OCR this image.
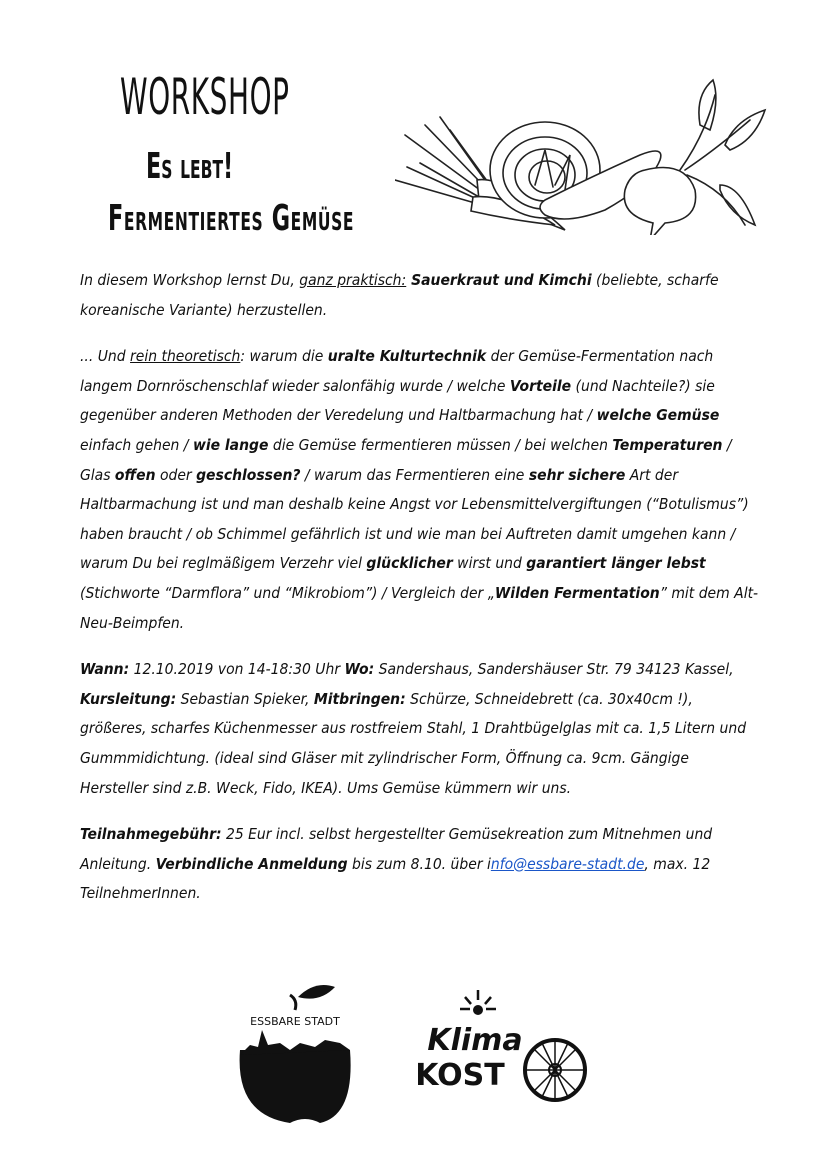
WORKSHOP
Es lebt!
Fermentiertes Gemüse

In diesem Workshop lernst Du, ganz praktisch: Sauerkraut und Kimchi (beliebte, scharfe koreanische Variante) herzustellen.

... Und rein theoretisch: warum die uralte Kulturtechnik der Gemüse-Fermentation nach langem Dornröschenschlaf wieder salonfähig wurde / welche Vorteile (und Nachteile?) sie gegenüber anderen Methoden der Veredelung und Haltbarmachung hat / welche Gemüse einfach gehen / wie lange die Gemüse fermentieren müssen / bei welchen Temperaturen / Glas offen oder geschlossen? / warum das Fermentieren eine sehr sichere Art der Haltbarmachung ist und man deshalb keine Angst vor Lebensmittelvergiftungen (“Botulismus”) haben braucht / ob Schimmel gefährlich ist und wie man bei Auftreten damit umgehen kann / warum Du bei reglmäßigem Verzehr viel glücklicher wirst und garantiert länger lebst (Stichworte “Darmflora” und “Mikrobiom”) / Vergleich der „Wilden Fermentation” mit dem Alt-Neu-Beimpfen.

Wann: 12.10.2019 von 14-18:30 Uhr Wo: Sandershaus, Sandershäuser Str. 79 34123 Kassel, Kursleitung: Sebastian Spieker, Mitbringen: Schürze, Schneidebrett (ca. 30x40cm !), größeres, scharfes Küchenmesser aus rostfreiem Stahl, 1 Drahtbügelglas mit ca. 1,5 Litern und Gummmidichtung. (ideal sind Gläser mit zylindrischer Form, Öffnung ca. 9cm. Gängige Hersteller sind z.B. Weck, Fido, IKEA). Ums Gemüse kümmern wir uns.

Teilnahmegebühr: 25 Eur incl. selbst hergestellter Gemüsekreation zum Mitnehmen und Anleitung. Verbindliche Anmeldung bis zum 8.10. über info@essbare-stadt.de, max. 12 TeilnehmerInnen.

ESSBARE STADT
Klima
KOST
